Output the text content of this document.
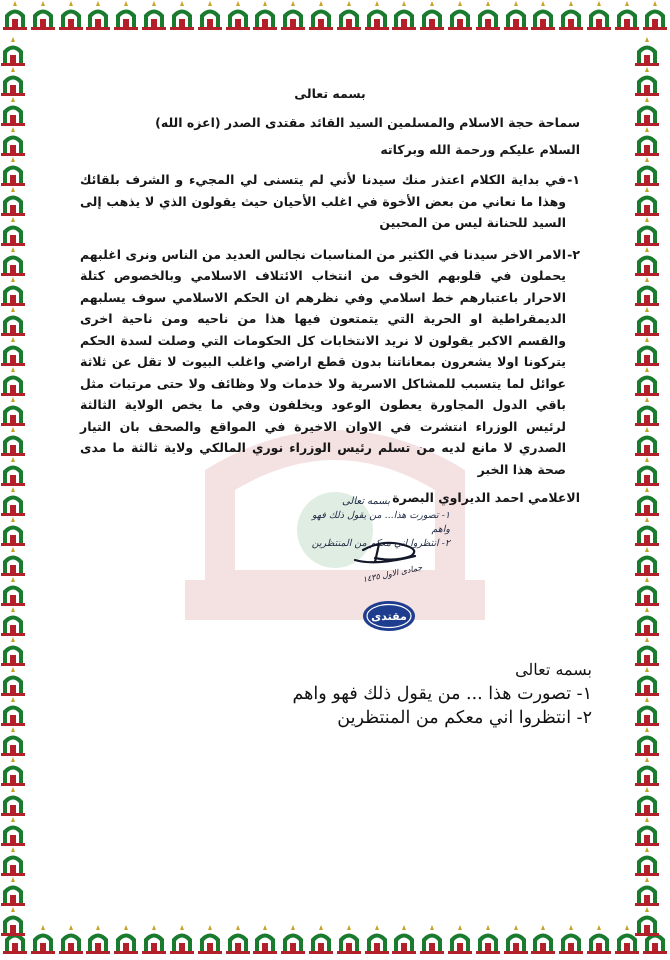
بسمه تعالى
سماحة حجة الاسلام والمسلمين السيد القائد مقتدى الصدر (اعزه الله)
السلام عليكم ورحمة الله وبركاته
١-
في بداية الكلام اعتذر منك سيدنا لأني لم يتسنى لي المجيء و الشرف بلقائك وهذا ما نعاني من بعض الأخوة في اغلب الأحيان حيث يقولون الذي لا يذهب إلى السيد للحنانة ليس من المحبين
٢-
الامر الاخر سيدنا في الكثير من المناسبات نجالس العديد من الناس ونرى اغلبهم يحملون في قلوبهم الخوف من انتخاب الائتلاف الاسلامي وبالخصوص كتلة الاحرار باعتبارهم خط اسلامي وفي نظرهم ان الحكم الاسلامي سوف يسلبهم الديمقراطية او الحرية التي يتمتعون فيها هذا من ناحيه ومن ناحية اخرى والقسم الاكبر يقولون لا نريد الانتخابات كل الحكومات التي وصلت لسدة الحكم يتركونا اولا يشعرون بمعاناتنا بدون قطع اراضي واغلب البيوت لا تقل عن ثلاثة عوائل لما يتسبب للمشاكل الاسرية ولا خدمات ولا وظائف ولا حتى مرتبات مثل باقي الدول المجاورة يعطون الوعود ويخلفون وفي ما يخص الولاية الثالثة لرئيس الوزراء انتشرت في الاوان الاخيرة في المواقع والصحف بان التيار الصدري لا مانع لديه من تسلم رئيس الوزراء نوري المالكي ولاية ثالثة ما مدى صحة هذا الخبر
الاعلامي احمد الديراوي البصرة
بسمه تعالى
١- تصورت هذا... من يقول ذلك فهو واهم
٢- انتظروا اني معكم من المنتظرين
جمادى الاول ١٤٣٥
مقتدى
بسمه تعالى
١- تصورت هذا ... من يقول ذلك فهو واهم
٢- انتظروا اني معكم من المنتظرين
